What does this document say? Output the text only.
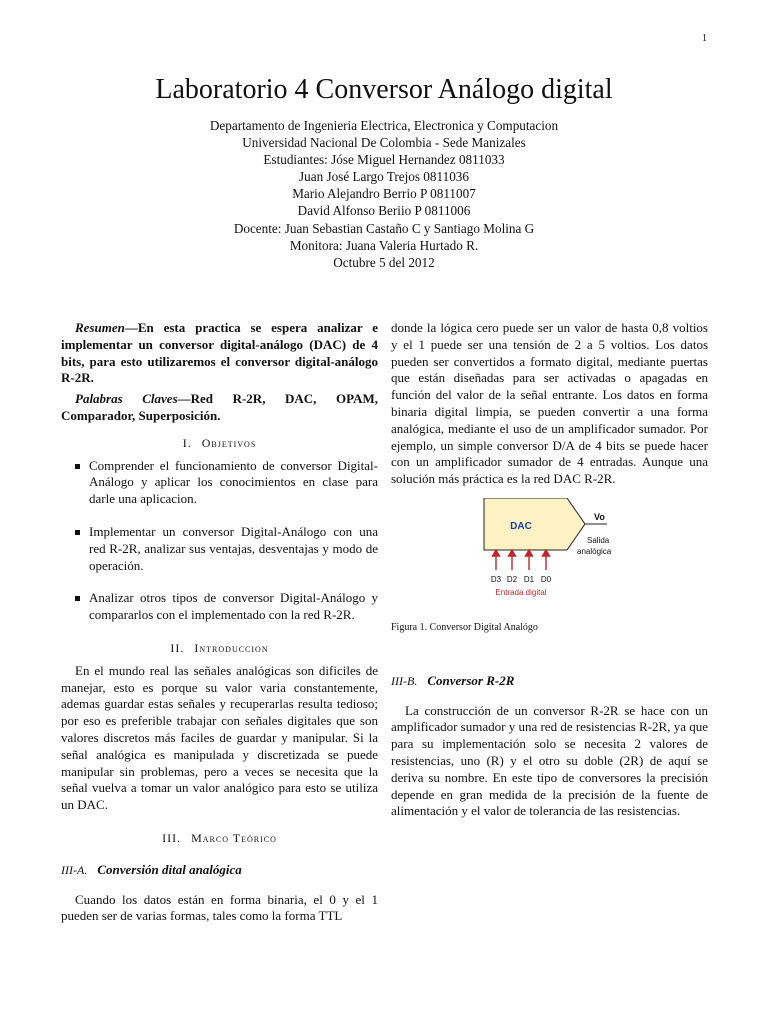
1
Laboratorio 4 Conversor Análogo digital
Departamento de Ingenieria Electrica, Electronica y Computacion
Universidad Nacional De Colombia - Sede Manizales
Estudiantes: Jóse Miguel Hernandez 0811033
Juan José Largo Trejos 0811036
Mario Alejandro Berrio P 0811007
David Alfonso Beriio P 0811006
Docente: Juan Sebastian Castaño C y Santiago Molina G
Monitora: Juana Valeria Hurtado R.
Octubre 5 del 2012

Resumen—En esta practica se espera analizar e implementar un conversor digital-análogo (DAC) de 4 bits, para esto utilizaremos el conversor digital-análogo R-2R.

Palabras Claves—Red R-2R, DAC, OPAM, Comparador, Superposición.

I. Objetivos
Comprender el funcionamiento de conversor Digital-Análogo y aplicar los conocimientos en clase para darle una aplicacion.
Implementar un conversor Digital-Análogo con una red R-2R, analizar sus ventajas, desventajas y modo de operación.
Analizar otros tipos de conversor Digital-Análogo y compararlos con el implementado con la red R-2R.
II. Introduccion

En el mundo real las señales analógicas son dificiles de manejar, esto es porque su valor varia constantemente, ademas guardar estas señales y recuperarlas resulta tedioso; por eso es preferible trabajar con señales digitales que son valores discretos más faciles de guardar y manipular. Si la señal analógica es manipulada y discretizada se puede manipular sin problemas, pero a veces se necesita que la señal vuelva a tomar un valor analógico para esto se utiliza un DAC.

III. Marco Teórico
III-A. Conversión dital analógica

Cuando los datos están en forma binaria, el 0 y el 1 pueden ser de varias formas, tales como la forma TTL

donde la lógica cero puede ser un valor de hasta 0,8 voltios y el 1 puede ser una tensión de 2 a 5 voltios. Los datos pueden ser convertidos a formato digital, mediante puertas que están diseñadas para ser activadas o apagadas en función del valor de la señal entrante. Los datos en forma binaria digital limpia, se pueden convertir a una forma analógica, mediante el uso de un amplificador sumador. Por ejemplo, un simple conversor D/A de 4 bits se puede hacer con un amplificador sumador de 4 entradas. Aunque una solución más práctica es la red DAC R-2R.

DAC
Vo
Salida
analógica
D3 D2 D1 D0
Entrada digital

Figura 1. Conversor Digital Analógo

III-B. Conversor R-2R

La construcción de un conversor R-2R se hace con un amplificador sumador y una red de resistencias R-2R, ya que para su implementación solo se necesita 2 valores de resistencias, uno (R) y el otro su doble (2R) de aquí se deriva su nombre. En este tipo de conversores la precisión depende en gran medida de la precisión de la fuente de alimentación y el valor de tolerancia de las resistencias.
